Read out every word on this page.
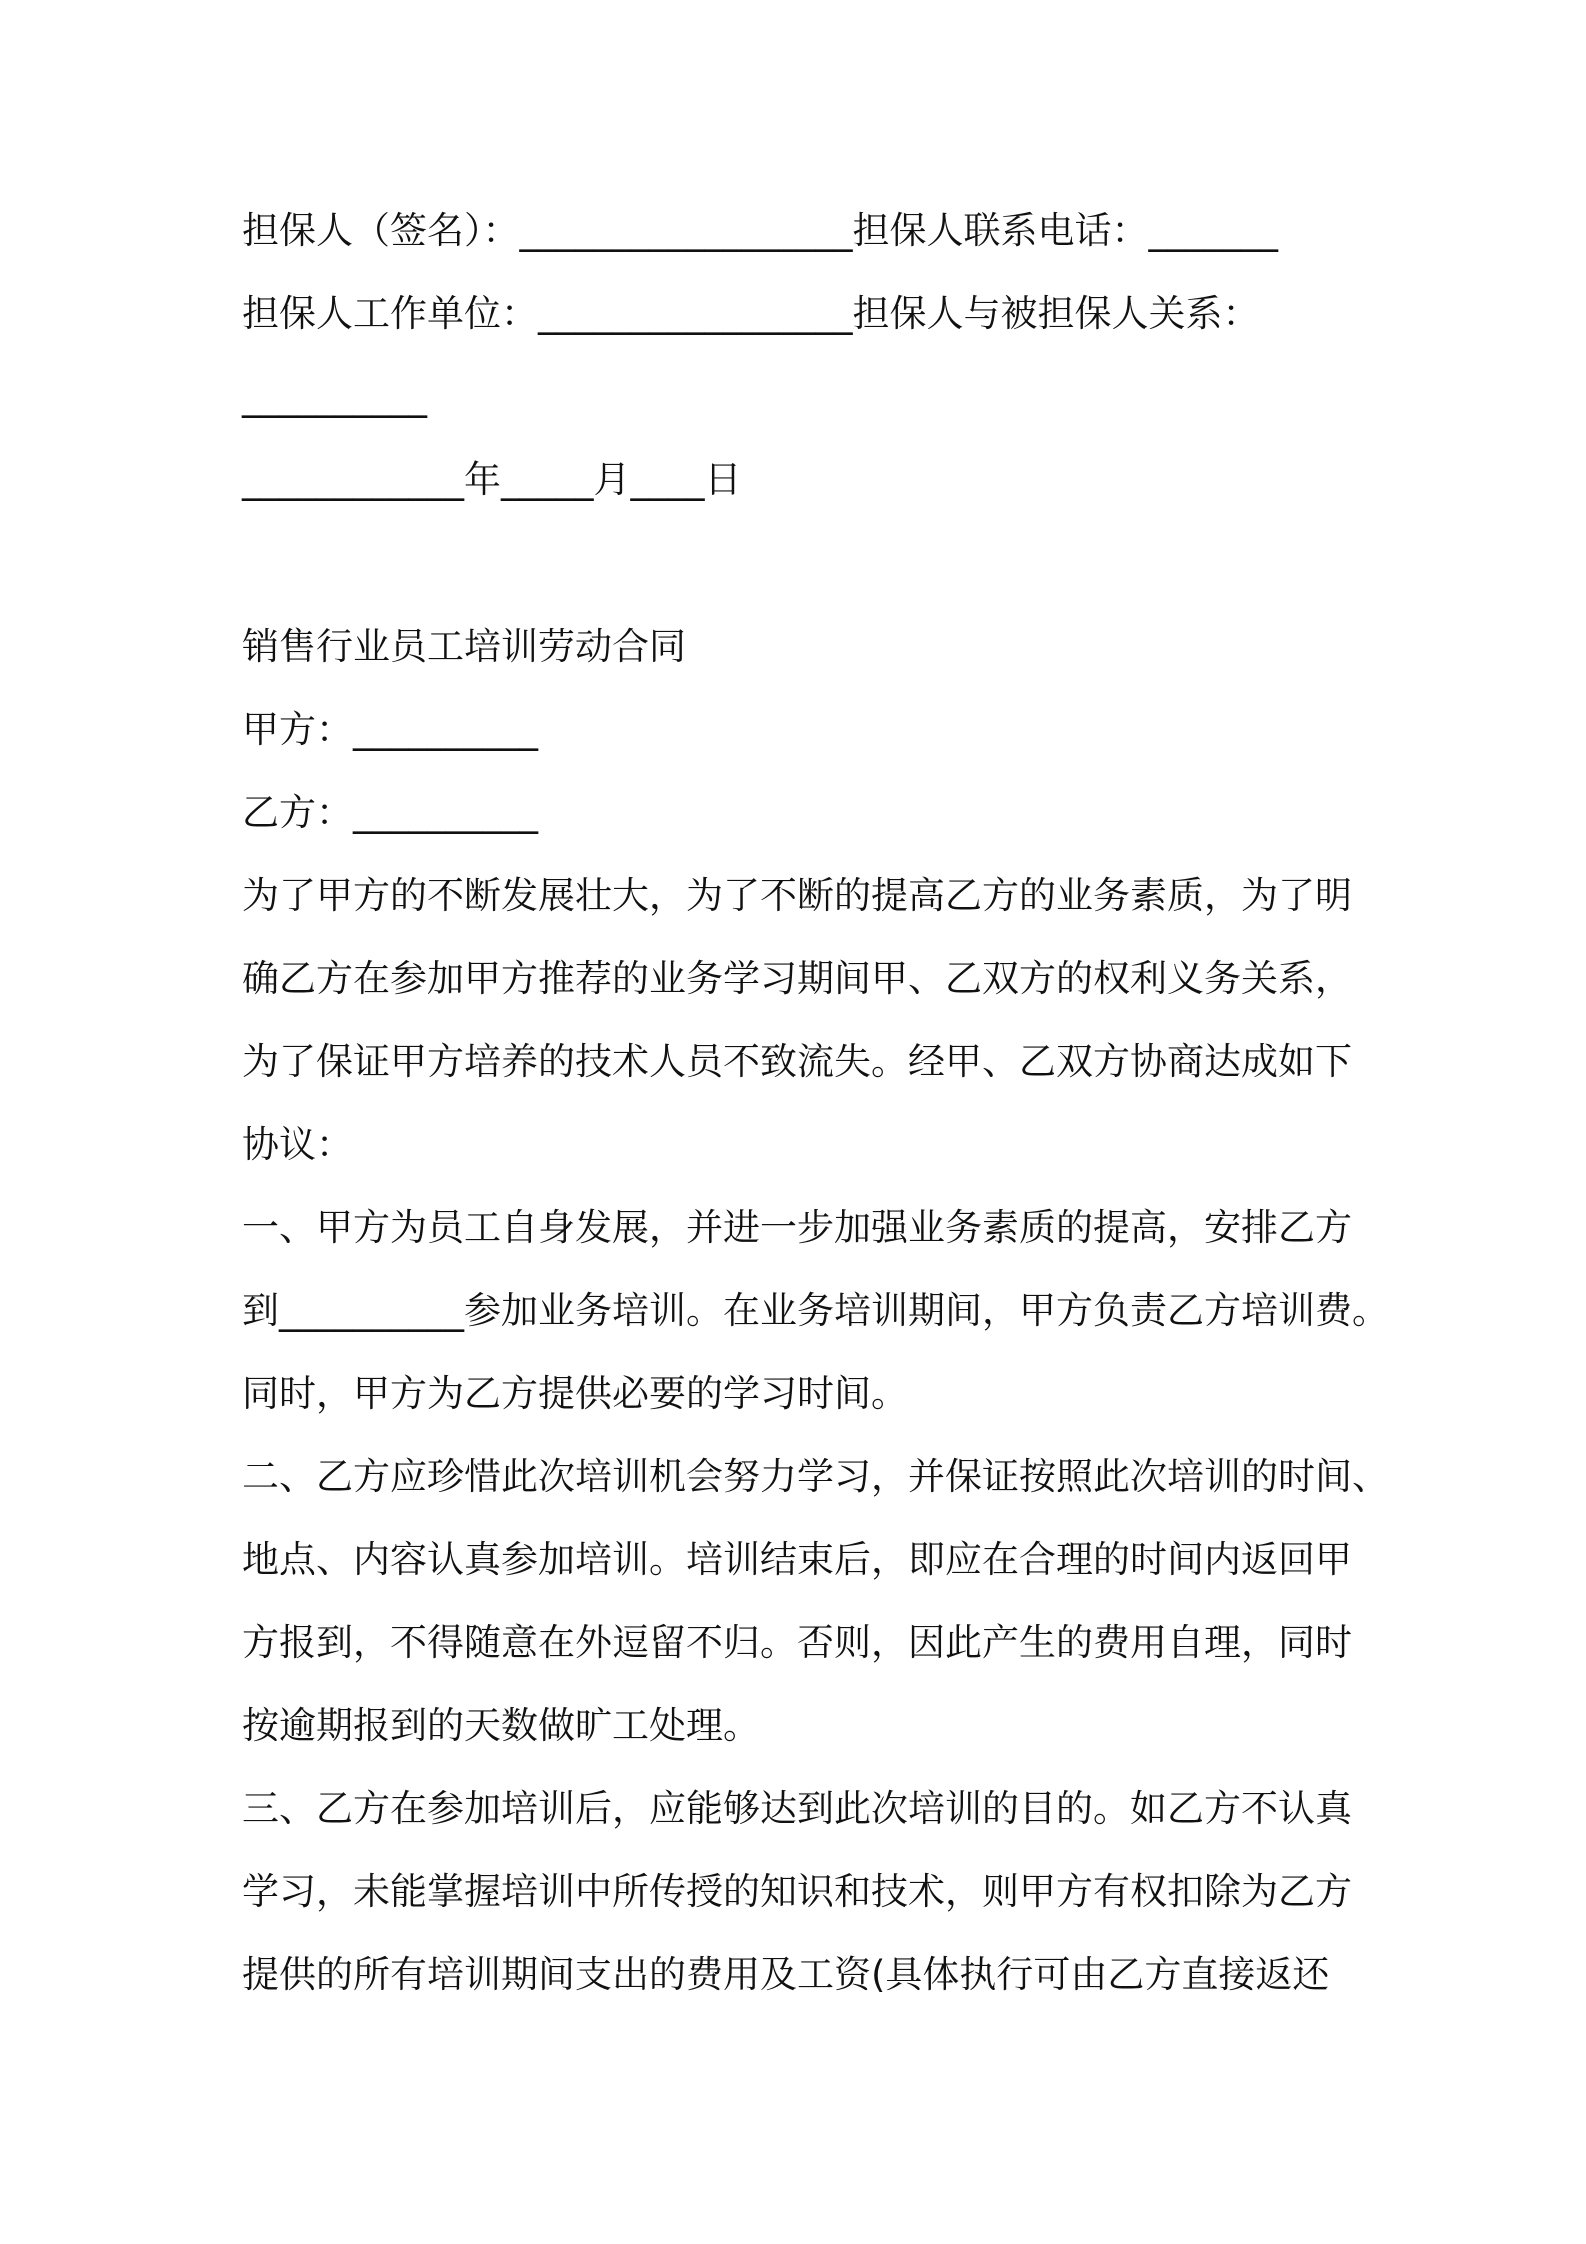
担保人（签名）：__________________担保人联系电话：_______

担保人工作单位：_________________担保人与被担保人关系：

__________

____________年_____月____日

销售行业员工培训劳动合同

甲方：__________

乙方：__________

为了甲方的不断发展壮大，为了不断的提高乙方的业务素质，为了明

确乙方在参加甲方推荐的业务学习期间甲、乙双方的权利义务关系，

为了保证甲方培养的技术人员不致流失。经甲、乙双方协商达成如下

协议：

一、甲方为员工自身发展，并进一步加强业务素质的提高，安排乙方

到__________参加业务培训。在业务培训期间，甲方负责乙方培训费。

同时，甲方为乙方提供必要的学习时间。

二、乙方应珍惜此次培训机会努力学习，并保证按照此次培训的时间、

地点、内容认真参加培训。培训结束后，即应在合理的时间内返回甲

方报到，不得随意在外逗留不归。否则，因此产生的费用自理，同时

按逾期报到的天数做旷工处理。

三、乙方在参加培训后，应能够达到此次培训的目的。如乙方不认真

学习，未能掌握培训中所传授的知识和技术，则甲方有权扣除为乙方

提供的所有培训期间支出的费用及工资(具体执行可由乙方直接返还
